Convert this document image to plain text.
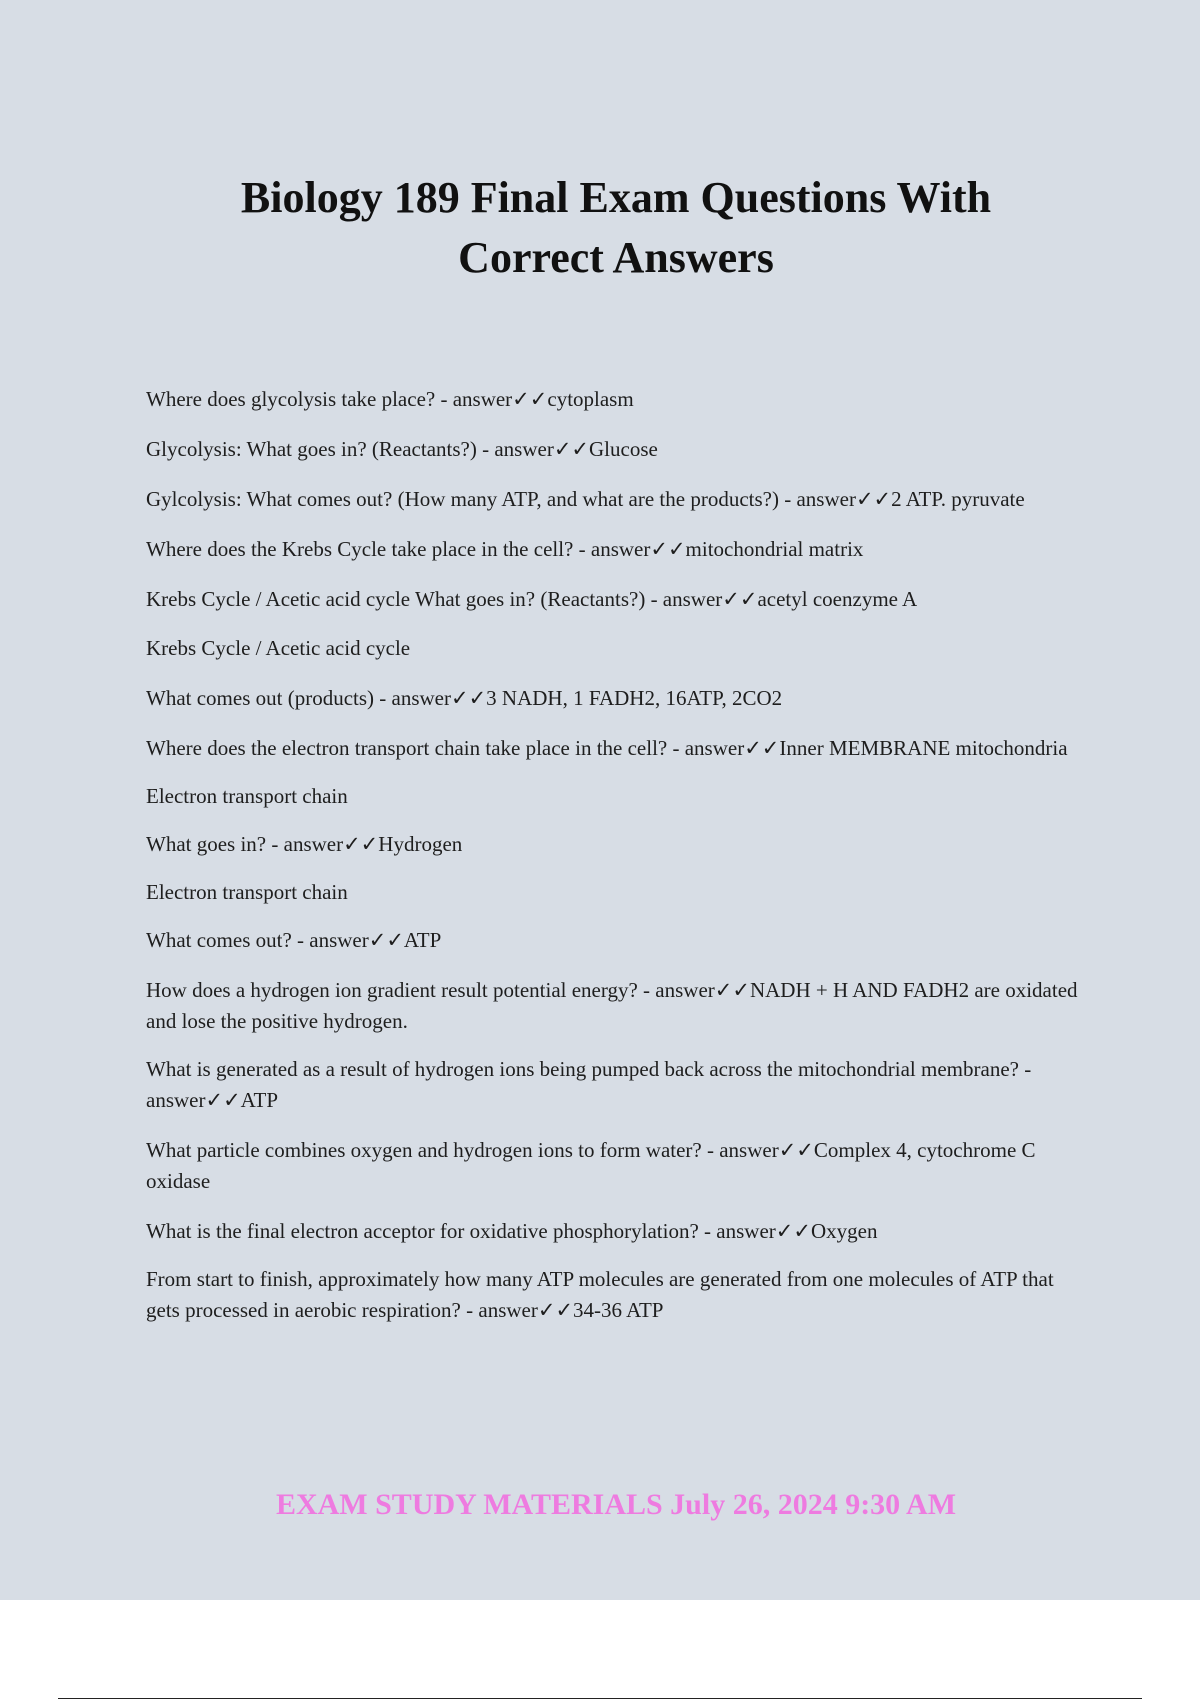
Biology 189 Final Exam Questions With
Correct Answers

Where does glycolysis take place? - answer✓✓cytoplasm

Glycolysis: What goes in? (Reactants?) - answer✓✓Glucose

Gylcolysis: What comes out? (How many ATP, and what are the products?) - answer✓✓2 ATP. pyruvate

Where does the Krebs Cycle take place in the cell? - answer✓✓mitochondrial matrix

Krebs Cycle / Acetic acid cycle What goes in? (Reactants?) - answer✓✓acetyl coenzyme A

Krebs Cycle / Acetic acid cycle

What comes out (products) - answer✓✓3 NADH, 1 FADH2, 16ATP, 2CO2

Where does the electron transport chain take place in the cell? - answer✓✓Inner MEMBRANE mitochondria

Electron transport chain

What goes in? - answer✓✓Hydrogen

Electron transport chain

What comes out? - answer✓✓ATP

How does a hydrogen ion gradient result potential energy? - answer✓✓NADH + H AND FADH2 are oxidated and lose the positive hydrogen.

What is generated as a result of hydrogen ions being pumped back across the mitochondrial membrane? - answer✓✓ATP

What particle combines oxygen and hydrogen ions to form water? - answer✓✓Complex 4, cytochrome C oxidase

What is the final electron acceptor for oxidative phosphorylation? - answer✓✓Oxygen

From start to finish, approximately how many ATP molecules are generated from one molecules of ATP that gets processed in aerobic respiration? - answer✓✓34-36 ATP

EXAM STUDY MATERIALS July 26, 2024 9:30 AM
